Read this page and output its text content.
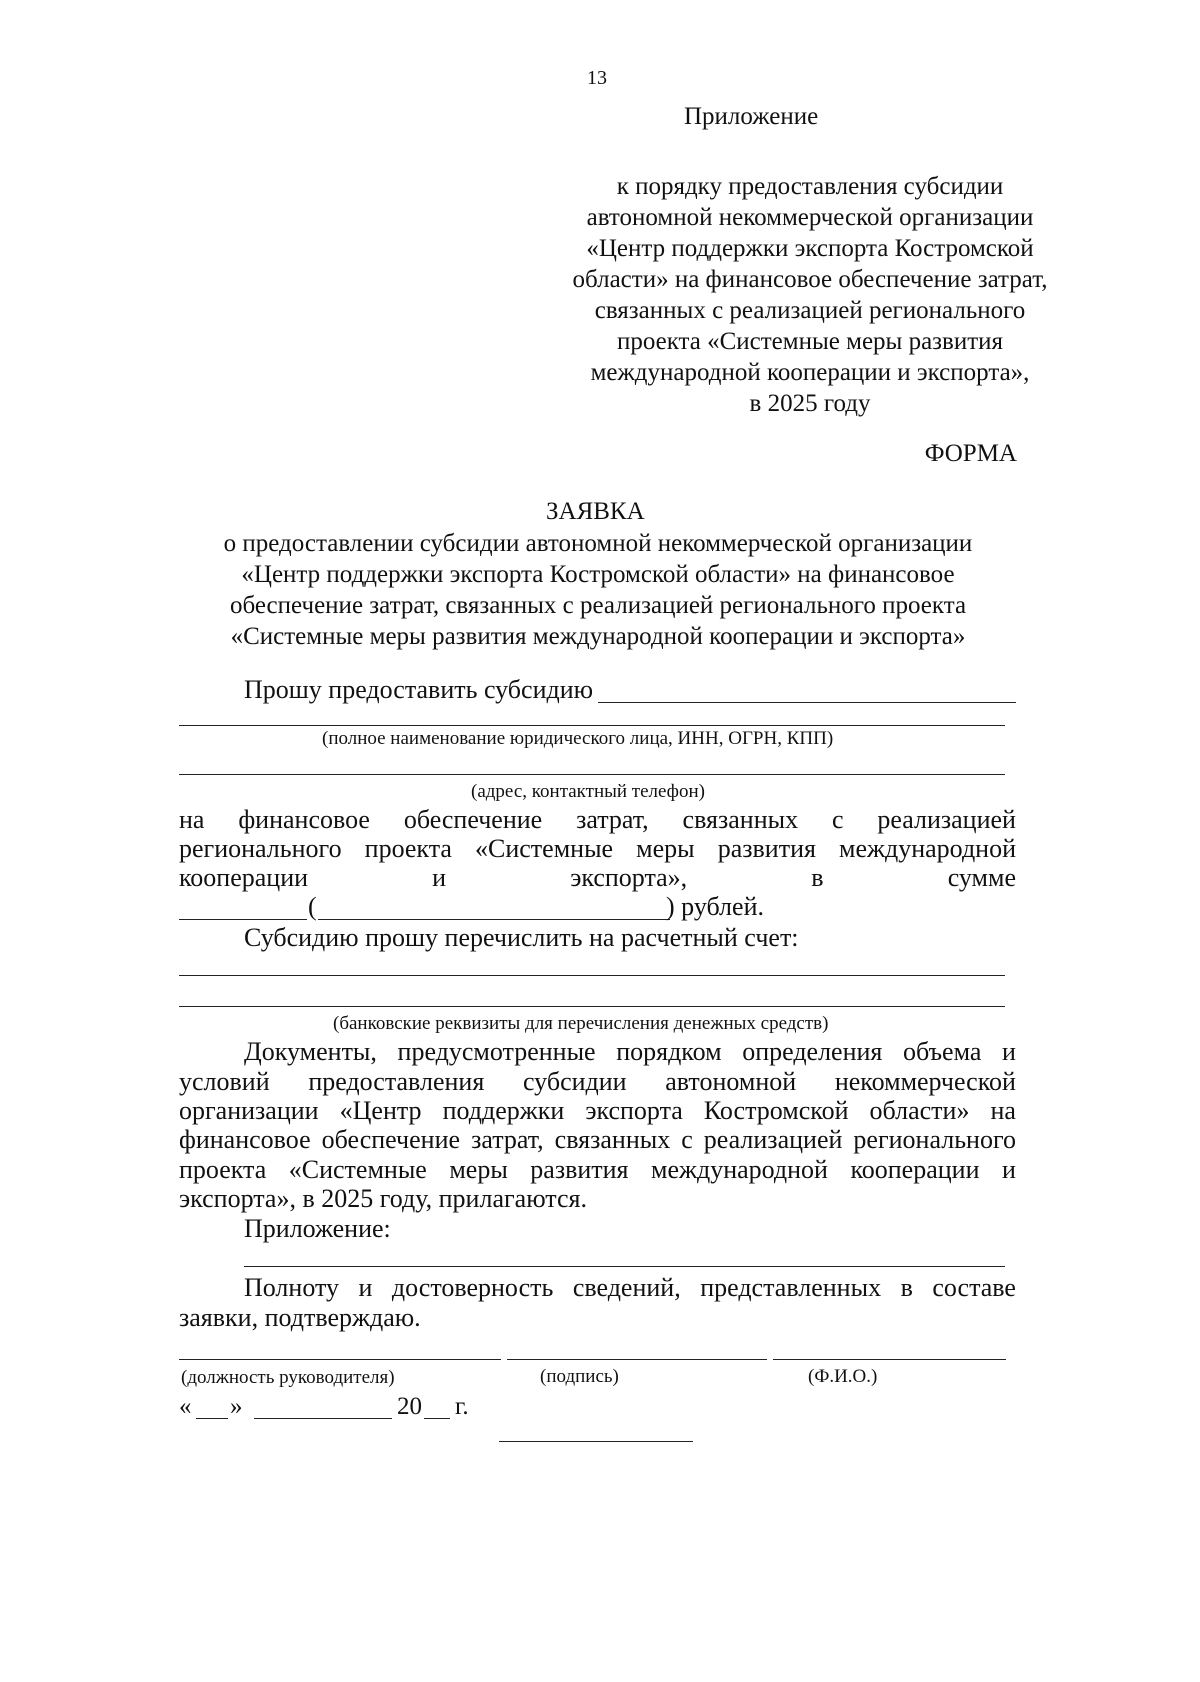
13
Приложение
к порядку предоставления субсидии
автономной некоммерческой организации
«Центр поддержки экспорта Костромской
области» на финансовое обеспечение затрат,
связанных с реализацией регионального
проекта «Системные меры развития
международной кооперации и экспорта»,
в 2025 году
ФОРМА
ЗАЯВКА
о предоставлении субсидии автономной некоммерческой организации
«Центр поддержки экспорта Костромской области» на финансовое
обеспечение затрат, связанных с реализацией регионального проекта
«Системные меры развития международной кооперации и экспорта»
Прошу предоставить субсидию
(полное наименование юридического лица, ИНН, ОГРН, КПП)
(адрес, контактный телефон)
на финансовое обеспечение затрат, связанных с реализацией
регионального проекта «Системные меры развития международной
кооперации	и	экспорта»,	в	сумме
(	) рублей.
Субсидию прошу перечислить на расчетный счет:
(банковские реквизиты для перечисления денежных средств)
Документы, предусмотренные порядком определения объема и
условий предоставления субсидии автономной некоммерческой
организации «Центр поддержки экспорта Костромской области» на
финансовое обеспечение затрат, связанных с реализацией регионального
проекта «Системные меры развития международной кооперации и
экспорта», в 2025 году, прилагаются.
Приложение:
Полноту и достоверность сведений, представленных в составе
заявки, подтверждаю.
(должность руководителя)	(подпись)	(Ф.И.О.)
« »	20 г.
